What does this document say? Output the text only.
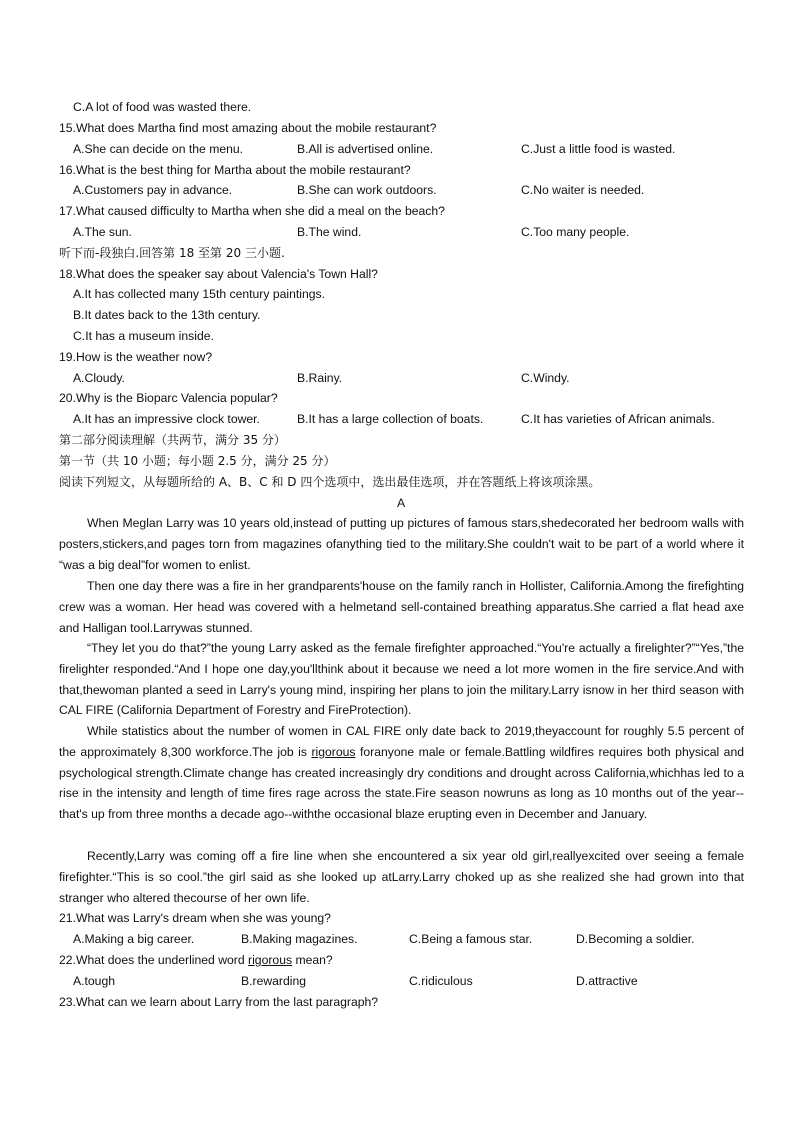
C.A lot of food was wasted there.
15.What does Martha find most amazing about the mobile restaurant?
A.She can decide on the menu.	B.All is advertised online.	C.Just a little food is wasted.
16.What is the best thing for Martha about the mobile restaurant?
A.Customers pay in advance.	B.She can work outdoors.	C.No waiter is needed.
17.What caused difficulty to Martha when she did a meal on the beach?
A.The sun.	B.The wind.	C.Too many people.
听下而-段独白.回答第 18 至第 20 三小题.
18.What does the speaker say about Valencia's Town Hall?
A.It has collected many 15th century paintings.
B.It dates back to the 13th century.
C.It has a museum inside.
19.How is the weather now?
A.Cloudy.	B.Rainy.	C.Windy.
20.Why is the Bioparc Valencia popular?
A.It has an impressive clock tower.	B.It has a large collection of boats.	C.It has varieties of African animals.
第二部分阅读理解（共两节，满分 35 分）
第一节（共 10 小题；每小题 2.5 分，满分 25 分）
阅读下列短文，从每题所给的 A、B、C 和 D 四个选项中，选出最佳选项，并在答题纸上将该项涂黑。
A
When Meglan Larry was 10 years old,instead of putting up pictures of famous stars,shedecorated her bedroom walls with posters,stickers,and pages torn from magazines ofanything tied to the military.She couldn't wait to be part of a world where it “was a big deal”for women to enlist.
Then one day there was a fire in her grandparents'house on the family ranch in Hollister, California.Among the firefighting crew was a woman. Her head was covered with a helmetand sell-contained breathing apparatus.She carried a flat head axe and Halligan tool.Larrywas stunned.
“They let you do that?”the young Larry asked as the female firefighter approached.“You're actually a firelighter?”“Yes,”the firelighter responded.“And I hope one day,you'llthink about it because we need a lot more women in the fire service.And with that,thewoman planted a seed in Larry's young mind, inspiring her plans to join the military.Larry isnow in her third season with CAL FIRE (California Department of Forestry and FireProtection).
While statistics about the number of women in CAL FIRE only date back to 2019,theyaccount for roughly 5.5 percent of the approximately 8,300 workforce.The job is rigorous foranyone male or female.Battling wildfires requires both physical and psychological strength.Climate change has created increasingly dry conditions and drought across California,whichhas led to a rise in the intensity and length of time fires rage across the state.Fire season nowruns as long as 10 months out of the year--that's up from three months a decade ago--withthe occasional blaze erupting even in December and January.
Recently,Larry was coming off a fire line when she encountered a six year old girl,reallyexcited over seeing a female firefighter.“This is so cool.”the girl said as she looked up atLarry.Larry choked up as she realized she had grown into that stranger who altered thecourse of her own life.
21.What was Larry's dream when she was young?
A.Making a big career.	B.Making magazines.	C.Being a famous star.	D.Becoming a soldier.
22.What does the underlined word rigorous mean?
A.tough	B.rewarding	C.ridiculous	D.attractive
23.What can we learn about Larry from the last paragraph?
